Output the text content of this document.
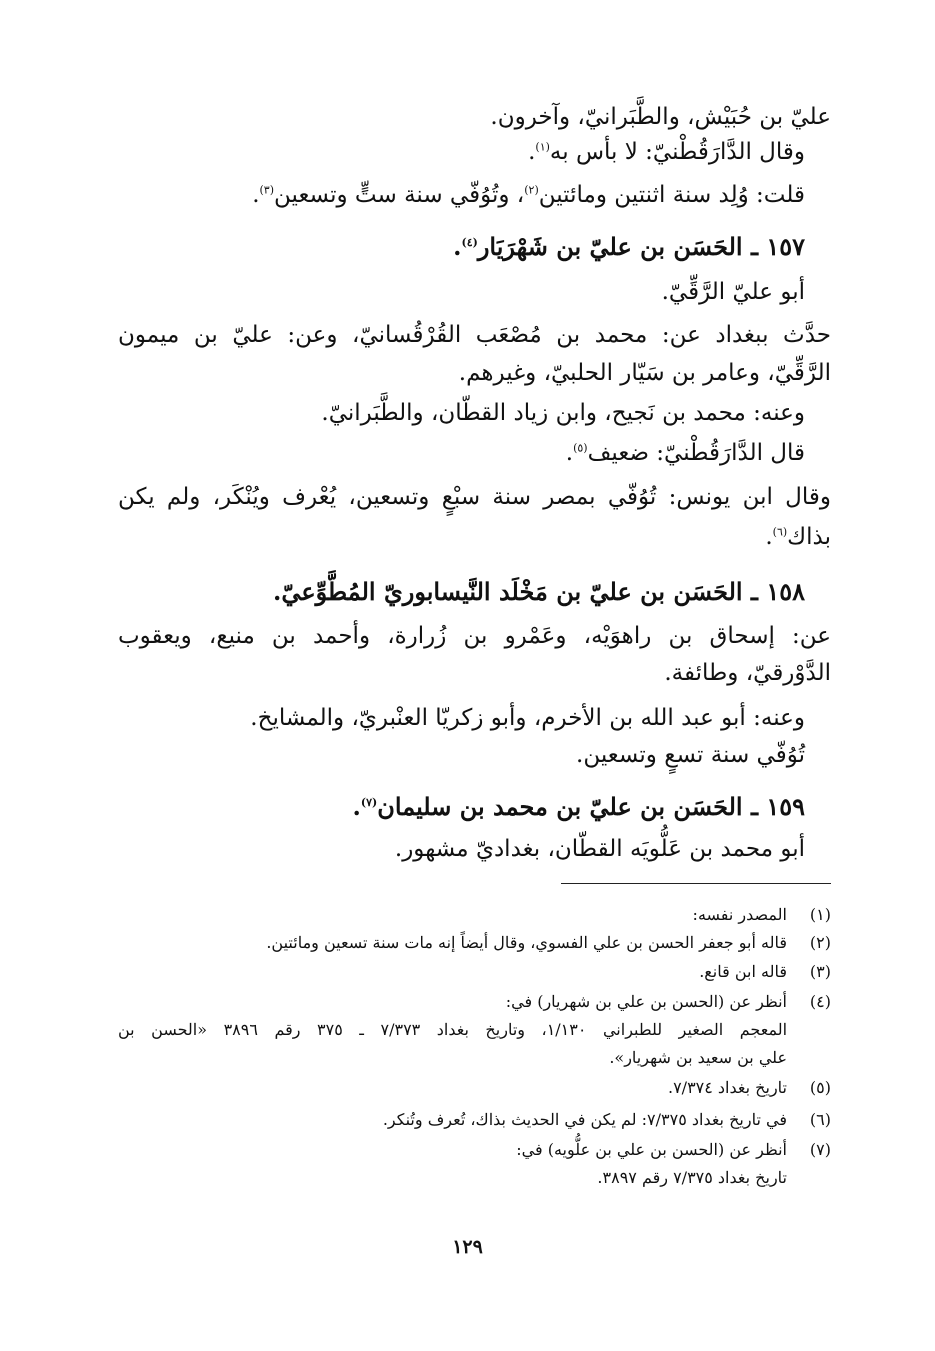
عليّ بن حُبَيْش، والطَّبَرانيّ، وآخرون.
وقال الدَّارَقُطْنيّ: لا بأس به$^{(١)}$.
قلت: وُلِد سنة اثنتين ومائتين$^{(٢)}$، وتُوُفّي سنة ستٍّ وتسعين$^{(٣)}$.
١٥٧ ـ الحَسَن بن عليّ بن شَهْرَيَار$^{(٤)}$.
أبو عليّ الرَّقِّيّ.
حدَّث ببغداد عن: محمد بن مُصْعَب القُرْقُسانيّ، وعن: عليّ بن ميمون
الرَّقِّيّ، وعامر بن سَيّار الحلبيّ، وغيرهم.
وعنه: محمد بن نَجيح، وابن زياد القطّان، والطَّبَرانيّ.
قال الدَّارَقُطْنيّ: ضعيف$^{(٥)}$.
وقال ابن يونس: تُوُفّي بمصر سنة سبْعٍ وتسعين، يُعْرف ويُنْكَر، ولم يكن
بذاك$^{(٦)}$.
١٥٨ ـ الحَسَن بن عليّ بن مَخْلَد النَّيسابوريّ المُطَّوِّعيّ.
عن: إسحاق بن راهوَيْه، وعَمْرو بن زُرارة، وأحمد بن منيع، ويعقوب
الدَّوْرقيّ، وطائفة.
وعنه: أبو عبد الله بن الأخرم، وأبو زكريّا العنْبريّ، والمشايخ.
تُوُفّي سنة تسعٍ وتسعين.
١٥٩ ـ الحَسَن بن عليّ بن محمد بن سليمان$^{(٧)}$.
أبو محمد بن عَلُّويَه القطّان، بغداديّ مشهور.
(١)المصدر نفسه:
(٢)قاله أبو جعفر الحسن بن علي الفسوي، وقال أيضاً إنه مات سنة تسعين ومائتين.
(٣)قاله ابن قانع.
(٤)أنظر عن (الحسن بن علي بن شهريار) في:
المعجم الصغير للطبراني ١/١٣٠، وتاريخ بغداد ٧/٣٧٣ ـ ٣٧٥ رقم ٣٨٩٦ «الحسن بن
علي بن سعيد بن شهريار».
(٥)تاريخ بغداد ٧/٣٧٤.
(٦)في تاريخ بغداد ٧/٣٧٥: لم يكن في الحديث بذاك، تُعرف وتُنكر.
(٧)أنظر عن (الحسن بن علي بن علُّويه) في:
تاريخ بغداد ٧/٣٧٥ رقم ٣٨٩٧.
١٢٩
